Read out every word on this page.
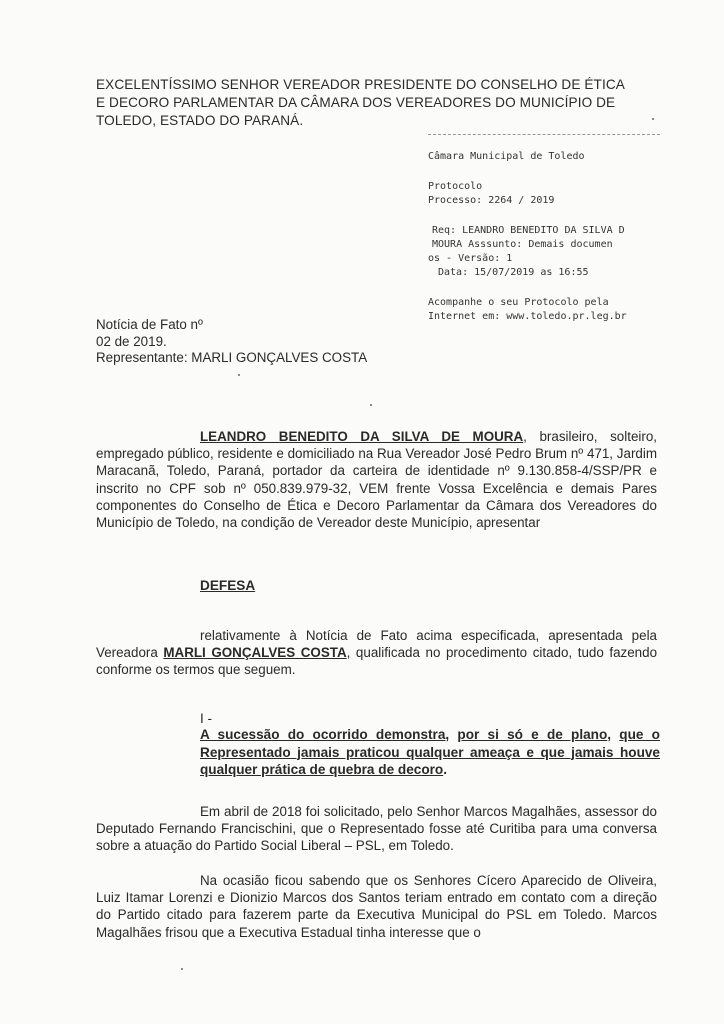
EXCELENTÍSSIMO SENHOR VEREADOR PRESIDENTE DO CONSELHO DE ÉTICA
E DECORO PARLAMENTAR DA CÂMARA DOS VEREADORES DO MUNICÍPIO DE
TOLEDO, ESTADO DO PARANÁ.
Câmara Municipal de Toledo
Protocolo
Processo: 2264 / 2019
Req: LEANDRO BENEDITO DA SILVA D
MOURA Asssunto: Demais documen
os - Versão: 1
Data: 15/07/2019 as 16:55
Acompanhe o seu Protocolo pela
Internet em: www.toledo.pr.leg.br
Notícia de Fato nº
02 de 2019.
Representante: MARLI GONÇALVES COSTA
LEANDRO BENEDITO DA SILVA DE MOURA, brasileiro, solteiro, empregado público, residente e domiciliado na Rua Vereador José Pedro Brum nº 471, Jardim Maracanã, Toledo, Paraná, portador da carteira de identidade nº 9.130.858-4/SSP/PR e inscrito no CPF sob nº 050.839.979-32, VEM frente Vossa Excelência e demais Pares componentes do Conselho de Ética e Decoro Parlamentar da Câmara dos Vereadores do Município de Toledo, na condição de Vereador deste Município, apresentar
DEFESA
relativamente à Notícia de Fato acima especificada, apresentada pela Vereadora MARLI GONÇALVES COSTA, qualificada no procedimento citado, tudo fazendo conforme os termos que seguem.
I -
A sucessão do ocorrido demonstra, por si só e de plano, que o Representado jamais praticou qualquer ameaça e que jamais houve qualquer prática de quebra de decoro.
Em abril de 2018 foi solicitado, pelo Senhor Marcos Magalhães, assessor do Deputado Fernando Francischini, que o Representado fosse até Curitiba para uma conversa sobre a atuação do Partido Social Liberal – PSL, em Toledo.
Na ocasião ficou sabendo que os Senhores Cícero Aparecido de Oliveira, Luiz Itamar Lorenzi e Dionizio Marcos dos Santos teriam entrado em contato com a direção do Partido citado para fazerem parte da Executiva Municipal do PSL em Toledo. Marcos Magalhães frisou que a Executiva Estadual tinha interesse que o
